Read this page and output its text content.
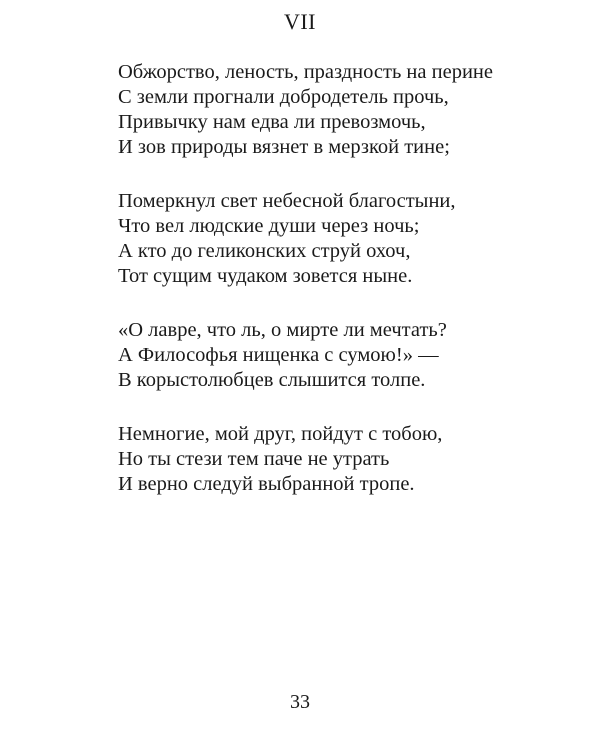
VII
Обжорство, леность, праздность на перине
С земли прогнали добродетель прочь,
Привычку нам едва ли превозмочь,
И зов природы вязнет в мерзкой тине;
Померкнул свет небесной благостыни,
Что вел людские души через ночь;
А кто до геликонских струй охоч,
Тот сущим чудаком зовется ныне.
«О лавре, что ль, о мирте ли мечтать?
А Философья нищенка с сумою!» —
В корыстолюбцев слышится толпе.
Немногие, мой друг, пойдут с тобою,
Но ты стези тем паче не утрать
И верно следуй выбранной тропе.
33
